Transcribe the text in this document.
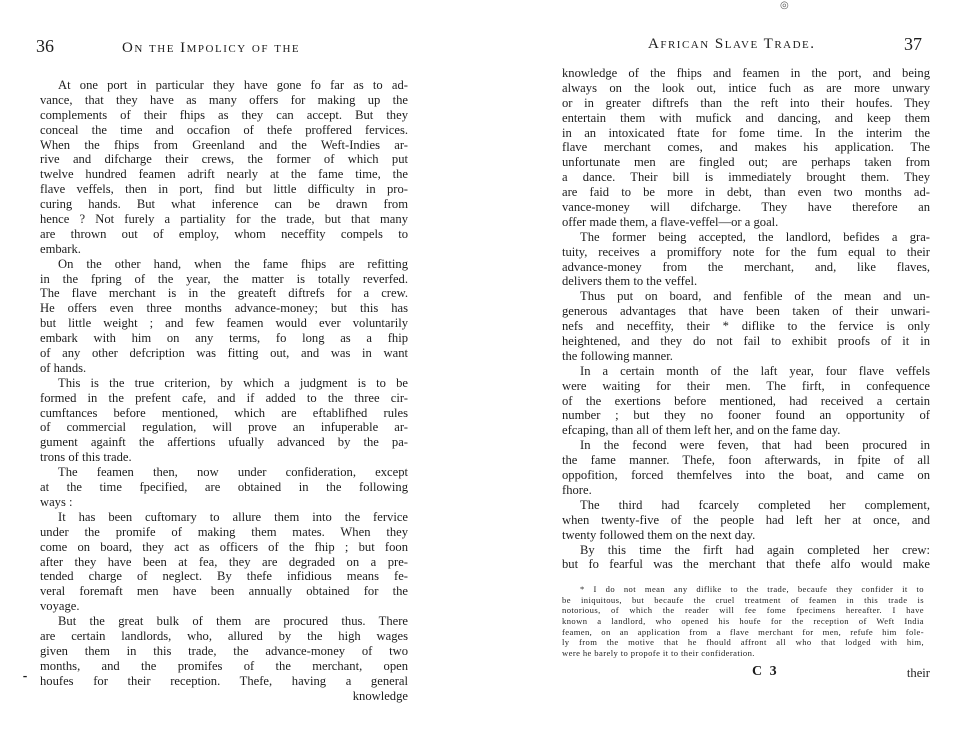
◎
36	On the Impolicy of the
At one port in particular they have gone fo far as to ad-
vance, that they have as many offers for making up the
complements of their fhips as they can accept. But they
conceal the time and occafion of thefe proffered fervices.
When the fhips from Greenland and the Weft-Indies ar-
rive and difcharge their crews, the former of which put
twelve hundred feamen adrift nearly at the fame time, the
flave veffels, then in port, find but little difficulty in pro-
curing hands. But what inference can be drawn from
hence ? Not furely a partiality for the trade, but that many
are thrown out of employ, whom neceffity compels to
embark.
On the other hand, when the fame fhips are refitting
in the fpring of the year, the matter is totally reverfed.
The flave merchant is in the greateft diftrefs for a crew.
He offers even three months advance-money; but this has
but little weight ; and few feamen would ever voluntarily
embark with him on any terms, fo long as a fhip
of any other defcription was fitting out, and was in want
of hands.
This is the true criterion, by which a judgment is to be
formed in the prefent cafe, and if added to the three cir-
cumftances before mentioned, which are eftablifhed rules
of commercial regulation, will prove an infuperable ar-
gument againft the affertions ufually advanced by the pa-
trons of this trade.
The feamen then, now under confideration, except
at the time fpecified, are obtained in the following
ways :
It has been cuftomary to allure them into the fervice
under the promife of making them mates. When they
come on board, they act as officers of the fhip ; but foon
after they have been at fea, they are degraded on a pre-
tended charge of neglect. By thefe infidious means fe-
veral foremaft men have been annually obtained for the
voyage.
But the great bulk of them are procured thus. There
are certain landlords, who, allured by the high wages
given them in this trade, the advance-money of two
months, and the promifes of the merchant, open
houfes for their reception. Thefe, having a general
knowledge
⁃
African Slave Trade.	37
knowledge of the fhips and feamen in the port, and being
always on the look out, intice fuch as are more unwary
or in greater diftrefs than the reft into their houfes. They
entertain them with mufick and dancing, and keep them
in an intoxicated ftate for fome time. In the interim the
flave merchant comes, and makes his application. The
unfortunate men are fingled out; are perhaps taken from
a dance. Their bill is immediately brought them. They
are faid to be more in debt, than even two months ad-
vance-money will difcharge. They have therefore an
offer made them, a flave-veffel—or a goal.
The former being accepted, the landlord, befides a gra-
tuity, receives a promiffory note for the fum equal to their
advance-money from the merchant, and, like flaves,
delivers them to the veffel.
Thus put on board, and fenfible of the mean and un-
generous advantages that have been taken of their unwari-
nefs and neceffity, their * diflike to the fervice is only
heightened, and they do not fail to exhibit proofs of it in
the following manner.
In a certain month of the laft year, four flave veffels
were waiting for their men. The firft, in confequence
of the exertions before mentioned, had received a certain
number ; but they no fooner found an opportunity of
efcaping, than all of them left her, and on the fame day.
In the fecond were feven, that had been procured in
the fame manner. Thefe, foon afterwards, in fpite of all
oppofition, forced themfelves into the boat, and came on
fhore.
The third had fcarcely completed her complement,
when twenty-five of the people had left her at once, and
twenty followed them on the next day.
By this time the firft had again completed her crew:
but fo fearful was the merchant that thefe alfo would make
* I do not mean any diflike to the trade, becaufe they confider it to
be iniquitous, but becaufe the cruel treatment of feamen in this trade is
notorious, of which the reader will fee fome fpecimens hereafter. I have
known a landlord, who opened his houfe for the reception of Weft India
feamen, on an application from a flave merchant for men, refufe him fole-
ly from the motive that he fhould affront all who that lodged with him,
were he barely to propofe it to their confideration.
C 3	their
